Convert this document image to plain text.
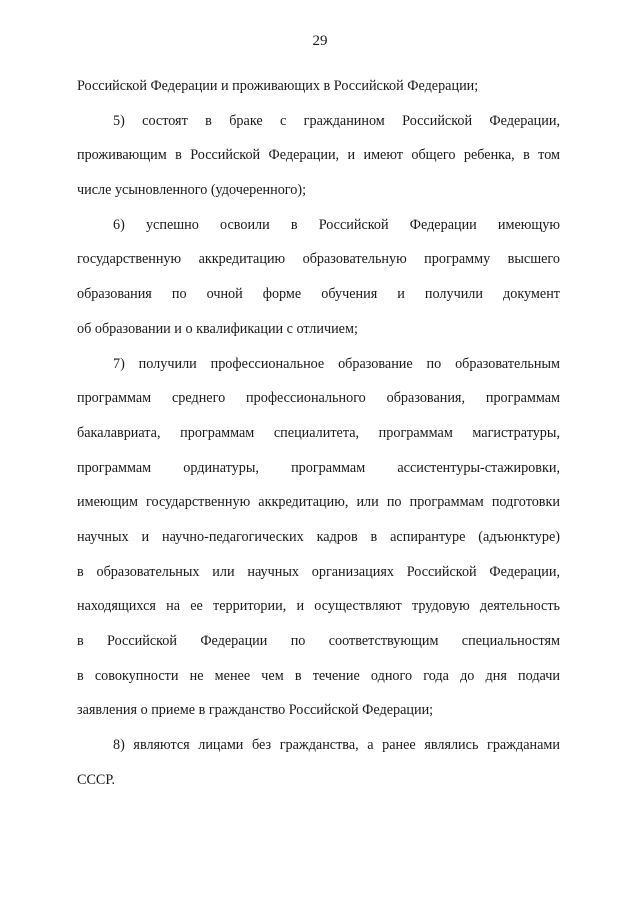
29
Российской Федерации и проживающих в Российской Федерации;
5) состоят в браке с гражданином Российской Федерации,
проживающим в Российской Федерации, и имеют общего ребенка, в том
числе усыновленного (удочеренного);
6) успешно освоили в Российской Федерации имеющую
государственную аккредитацию образовательную программу высшего
образования по очной форме обучения и получили документ
об образовании и о квалификации с отличием;
7) получили профессиональное образование по образовательным
программам среднего профессионального образования, программам
бакалавриата, программам специалитета, программам магистратуры,
программам ординатуры, программам ассистентуры-стажировки,
имеющим государственную аккредитацию, или по программам подготовки
научных и научно-педагогических кадров в аспирантуре (адъюнктуре)
в образовательных или научных организациях Российской Федерации,
находящихся на ее территории, и осуществляют трудовую деятельность
в Российской Федерации по соответствующим специальностям
в совокупности не менее чем в течение одного года до дня подачи
заявления о приеме в гражданство Российской Федерации;
8) являются лицами без гражданства, а ранее являлись гражданами
СССР.
